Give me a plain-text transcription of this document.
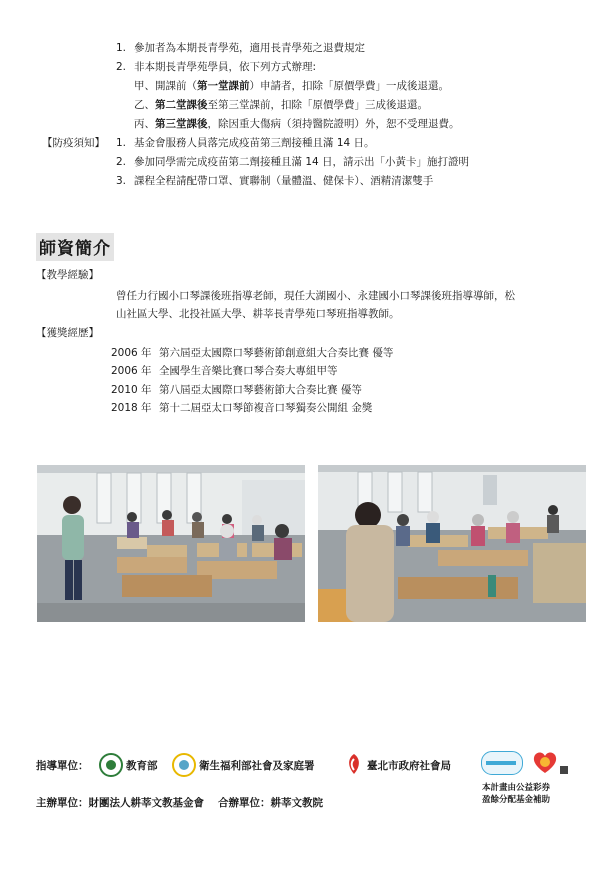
1. 參加者為本期長青學苑，適用長青學苑之退費規定
2. 非本期長青學苑學員，依下列方式辦理:
甲、開課前（第一堂課前）申請者，扣除「原價學費」一成後退還。
乙、第二堂課後至第三堂課前，扣除「原價學費」三成後退還。
丙、第三堂課後，除因重大傷病（須持醫院證明）外，恕不受理退費。
【防疫須知】 1. 基金會服務人員落完成疫苗第三劑接種且滿 14 日。
2. 參加同學需完成疫苗第二劑接種且滿 14 日，請示出「小黃卡」施打證明
3. 課程全程請配帶口罩、實聯制（量體溫、健保卡）、酒精清潔雙手
師資簡介
【教學經驗】
曾任力行國小口琴課後班指導老師，現任大湖國小、永建國小口琴課後班指導導師，松
山社區大學、北投社區大學、耕莘長青學苑口琴班指導教師。
【獲獎經歷】
2006 年 第六屆亞太國際口琴藝術節創意組大合奏比賽 優等
2006 年 全國學生音樂比賽口琴合奏大專組甲等
2010 年 第八屆亞太國際口琴藝術節大合奏比賽 優等
2018 年 第十二屆亞太口琴節複音口琴獨奏公開組 金獎
指導單位：	教育部	衛生福利部社會及家庭署	臺北市政府社會局
本計畫由公益彩券
盈餘分配基金補助
主辦單位：財團法人耕莘文教基金會 合辦單位：耕莘文教院
